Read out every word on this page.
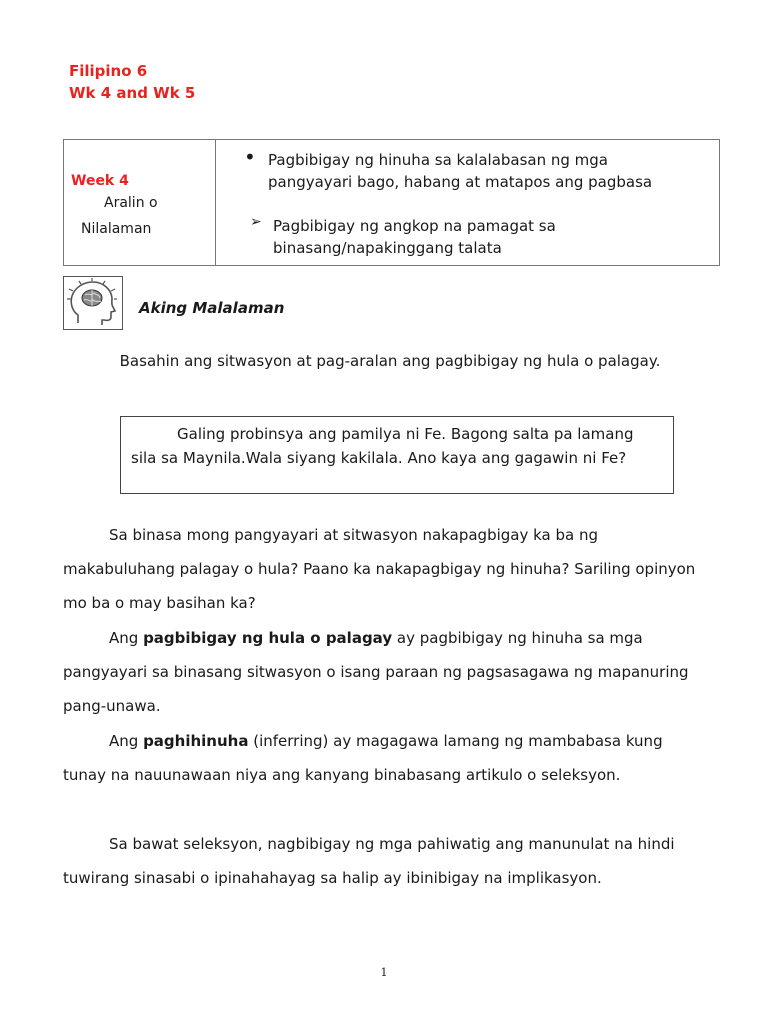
Filipino 6
Wk 4 and Wk 5
Week 4
Aralin o
Nilalaman
• Pagbibigay ng hinuha sa kalalabasan ng mga pangyayari bago, habang at matapos ang pagbasa
➢ Pagbibigay ng angkop na pamagat sa binasang/napakinggang talata
Aking Malalaman
Basahin ang sitwasyon at pag-aralan ang pagbibigay ng hula o palagay.
Galing probinsya ang pamilya ni Fe. Bagong salta pa lamang sila sa Maynila.Wala siyang kakilala. Ano kaya ang gagawin ni Fe?
Sa binasa mong pangyayari at sitwasyon nakapagbigay ka ba ng makabuluhang palagay o hula? Paano ka nakapagbigay ng hinuha? Sariling opinyon mo ba o may basihan ka?
Ang pagbibigay ng hula o palagay ay pagbibigay ng hinuha sa mga pangyayari sa binasang sitwasyon o isang paraan ng pagsasagawa ng mapanuring pang-unawa.
Ang paghihinuha (inferring) ay magagawa lamang ng mambabasa kung tunay na nauunawaan niya ang kanyang binabasang artikulo o seleksyon.
Sa bawat seleksyon, nagbibigay ng mga pahiwatig ang manunulat na hindi tuwirang sinasabi o ipinahahayag sa halip ay ibinibigay na implikasyon.
1
